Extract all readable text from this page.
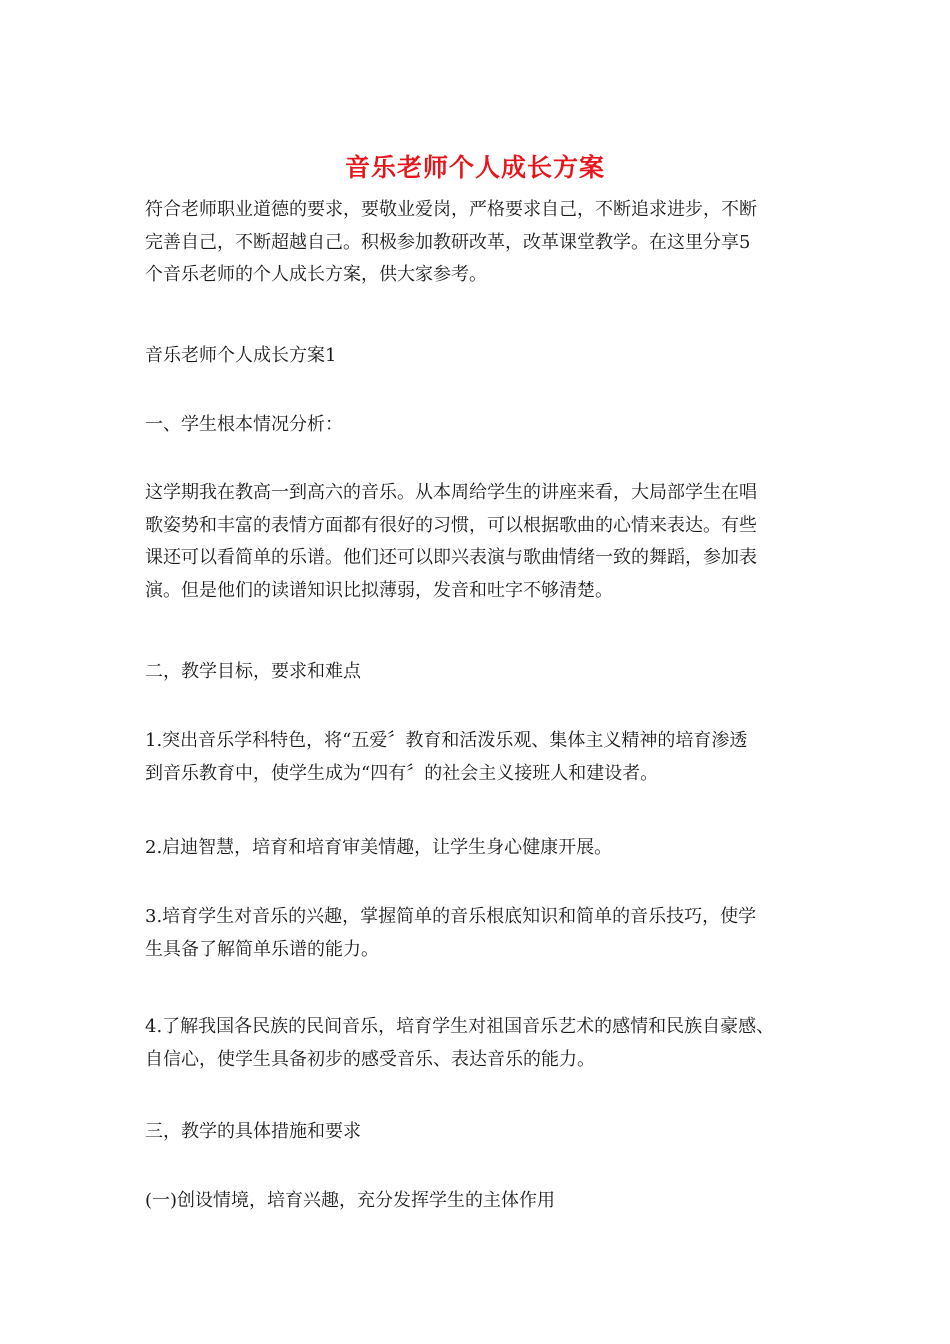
音乐老师个人成长方案

符合老师职业道德的要求，要敬业爱岗，严格要求自己，不断追求进步，不断
完善自己，不断超越自己。积极参加教研改革，改革课堂教学。在这里分享5
个音乐老师的个人成长方案，供大家参考。

音乐老师个人成长方案1

一、学生根本情况分析：

这学期我在教高一到高六的音乐。从本周给学生的讲座来看，大局部学生在唱
歌姿势和丰富的表情方面都有很好的习惯，可以根据歌曲的心情来表达。有些
课还可以看简单的乐谱。他们还可以即兴表演与歌曲情绪一致的舞蹈，参加表
演。但是他们的读谱知识比拟薄弱，发音和吐字不够清楚。

二，教学目标，要求和难点

1.突出音乐学科特色，将“五爱〞教育和活泼乐观、集体主义精神的培育渗透
到音乐教育中，使学生成为“四有〞的社会主义接班人和建设者。

2.启迪智慧，培育和培育审美情趣，让学生身心健康开展。

3.培育学生对音乐的兴趣，掌握简单的音乐根底知识和简单的音乐技巧，使学
生具备了解简单乐谱的能力。

4.了解我国各民族的民间音乐，培育学生对祖国音乐艺术的感情和民族自豪感、
自信心，使学生具备初步的感受音乐、表达音乐的能力。

三，教学的具体措施和要求

(一)创设情境，培育兴趣，充分发挥学生的主体作用
